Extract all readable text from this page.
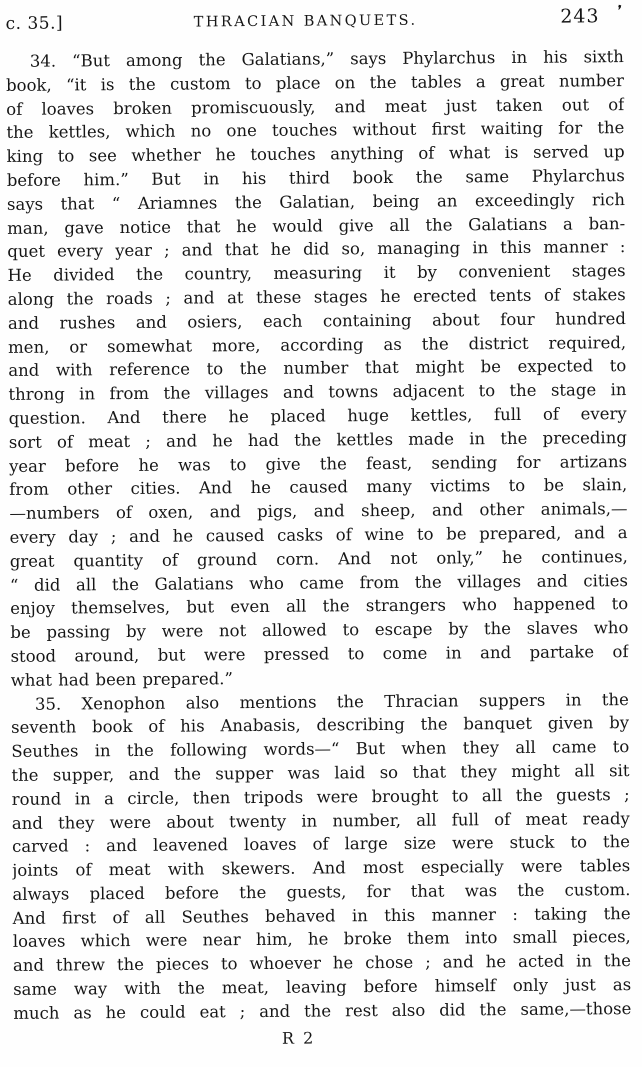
c. 35.]	THRACIAN BANQUETS.	243 ❜
34. “But among the Galatians,” says Phylarchus in his sixth
book, “it is the custom to place on the tables a great number
of loaves broken promiscuously, and meat just taken out of
the kettles, which no one touches without first waiting for the
king to see whether he touches anything of what is served up
before him.” But in his third book the same Phylarchus
says that “ Ariamnes the Galatian, being an exceedingly rich
man, gave notice that he would give all the Galatians a ban-
quet every year ; and that he did so, managing in this manner :
He divided the country, measuring it by convenient stages
along the roads ; and at these stages he erected tents of stakes
and rushes and osiers, each containing about four hundred
men, or somewhat more, according as the district required,
and with reference to the number that might be expected to
throng in from the villages and towns adjacent to the stage in
question. And there he placed huge kettles, full of every
sort of meat ; and he had the kettles made in the preceding
year before he was to give the feast, sending for artizans
from other cities. And he caused many victims to be slain,
—numbers of oxen, and pigs, and sheep, and other animals,—
every day ; and he caused casks of wine to be prepared, and a
great quantity of ground corn. And not only,” he continues,
“ did all the Galatians who came from the villages and cities
enjoy themselves, but even all the strangers who happened to
be passing by were not allowed to escape by the slaves who
stood around, but were pressed to come in and partake of
what had been prepared.”
35. Xenophon also mentions the Thracian suppers in the
seventh book of his Anabasis, describing the banquet given by
Seuthes in the following words—“ But when they all came to
the supper, and the supper was laid so that they might all sit
round in a circle, then tripods were brought to all the guests ;
and they were about twenty in number, all full of meat ready
carved : and leavened loaves of large size were stuck to the
joints of meat with skewers. And most especially were tables
always placed before the guests, for that was the custom.
And first of all Seuthes behaved in this manner : taking the
loaves which were near him, he broke them into small pieces,
and threw the pieces to whoever he chose ; and he acted in the
same way with the meat, leaving before himself only just as
much as he could eat ; and the rest also did the same,—those
R 2
